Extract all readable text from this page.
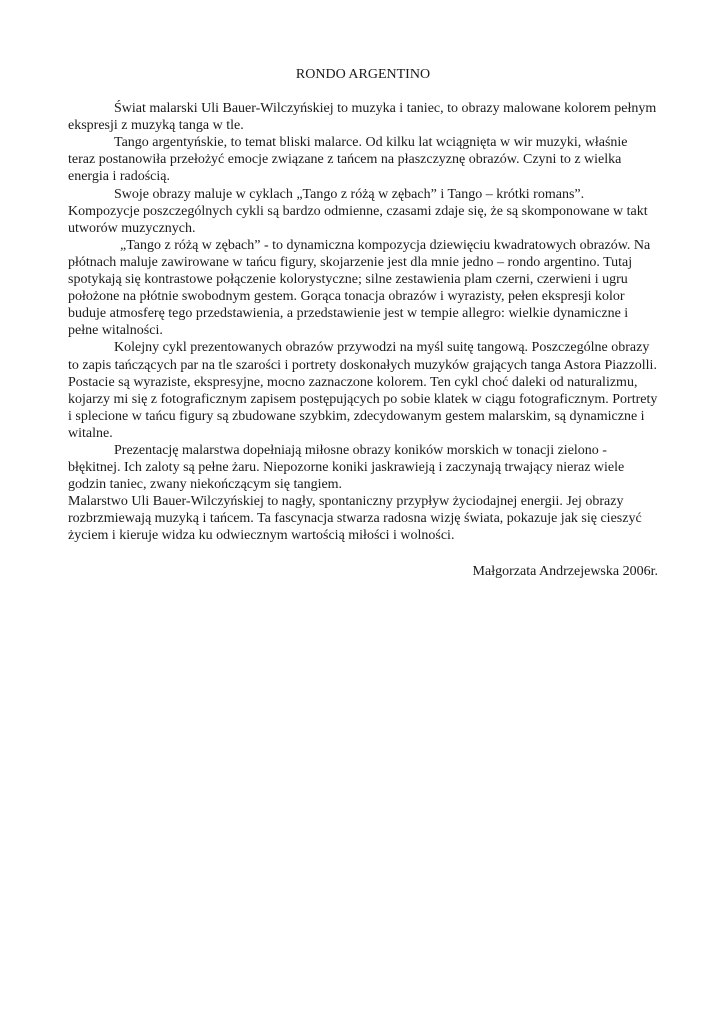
RONDO ARGENTINO

Świat malarski Uli Bauer-Wilczyńskiej to muzyka i taniec, to obrazy malowane kolorem pełnym ekspresji z muzyką tanga w tle.

Tango argentyńskie, to temat bliski malarce. Od kilku lat wciągnięta w wir muzyki, właśnie teraz postanowiła przełożyć emocje związane z tańcem na płaszczyznę obrazów. Czyni to z wielka energia i radością.

Swoje obrazy maluje w cyklach „Tango z różą w zębach” i Tango – krótki romans”. Kompozycje poszczególnych cykli są bardzo odmienne, czasami zdaje się, że są skomponowane w takt utworów muzycznych.

„Tango z różą w zębach” - to dynamiczna kompozycja dziewięciu kwadratowych obrazów. Na płótnach maluje zawirowane w tańcu figury, skojarzenie jest dla mnie jedno – rondo argentino. Tutaj spotykają się kontrastowe połączenie kolorystyczne; silne zestawienia plam czerni, czerwieni i ugru położone na płótnie swobodnym gestem. Gorąca tonacja obrazów i wyrazisty, pełen ekspresji kolor buduje atmosferę tego przedstawienia, a przedstawienie jest w tempie allegro: wielkie dynamiczne i pełne witalności.

Kolejny cykl prezentowanych obrazów przywodzi na myśl suitę tangową. Poszczególne obrazy to zapis tańczących par na tle szarości i portrety doskonałych muzyków grających tanga Astora Piazzolli. Postacie są wyraziste, ekspresyjne, mocno zaznaczone kolorem. Ten cykl choć daleki od naturalizmu, kojarzy mi się z fotograficznym zapisem postępujących po sobie klatek w ciągu fotograficznym. Portrety i splecione w tańcu figury są zbudowane szybkim, zdecydowanym gestem malarskim, są dynamiczne i witalne.

Prezentację malarstwa dopełniają miłosne obrazy koników morskich w tonacji zielono - błękitnej. Ich zaloty są pełne żaru. Niepozorne koniki jaskrawieją i zaczynają trwający nieraz wiele godzin taniec, zwany niekończącym się tangiem.

Malarstwo Uli Bauer-Wilczyńskiej to nagły, spontaniczny przypływ życiodajnej energii. Jej obrazy rozbrzmiewają muzyką i tańcem. Ta fascynacja stwarza radosna wizję świata, pokazuje jak się cieszyć życiem i kieruje widza ku odwiecznym wartością miłości i wolności.

Małgorzata Andrzejewska 2006r.
